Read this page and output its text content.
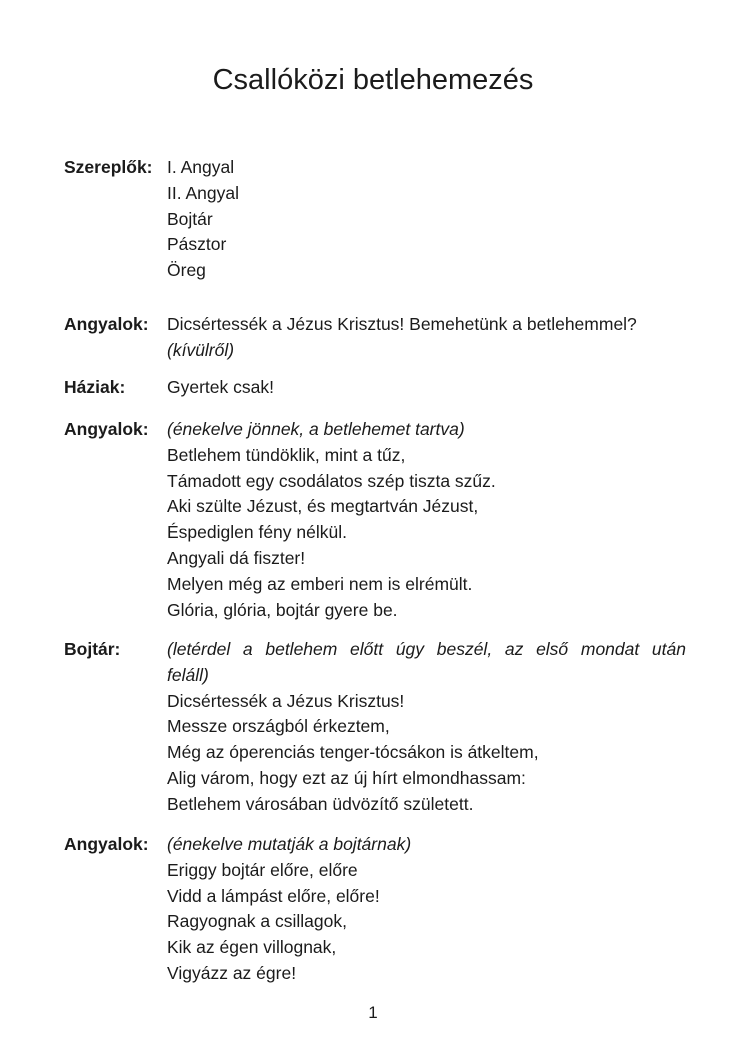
Csallóközi betlehemezés
Szereplők: I. Angyal
II. Angyal
Bojtár
Pásztor
Öreg
Angyalok:	Dicsértessék a Jézus Krisztus! Bemehetünk a betlehemmel?
(kívülről)
Háziak:	Gyertek csak!
Angyalok:	(énekelve jönnek, a betlehemet tartva)
Betlehem tündöklik, mint a tűz,
Támadott egy csodálatos szép tiszta szűz.
Aki szülte Jézust, és megtartván Jézust,
Éspediglen fény nélkül.
Angyali dá fiszter!
Melyen még az emberi nem is elrémült.
Glória, glória, bojtár gyere be.
Bojtár:	(letérdel a betlehem előtt úgy beszél, az első mondat után
feláll)
Dicsértessék a Jézus Krisztus!
Messze országból érkeztem,
Még az óperenciás tenger-tócsákon is átkeltem,
Alig várom, hogy ezt az új hírt elmondhassam:
Betlehem városában üdvözítő született.
Angyalok:	(énekelve mutatják a bojtárnak)
Eriggy bojtár előre, előre
Vidd a lámpást előre, előre!
Ragyognak a csillagok,
Kik az égen villognak,
Vigyázz az égre!
1
